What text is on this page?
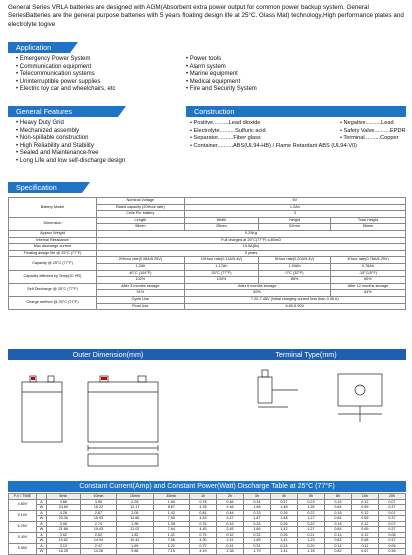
General Series VRLA batteries are designed with AGM(Absorbent extra power output for common power backup system. General SeriesBatteries are the general purpose batteries with 5 years floating design life at 25°C. Glass Mat) technology,High performance plates and electrolyte togive
Application
• Emergency Power System
• Communication equipment
• Telecommunication systems
• Uninterruptible power supplies
• Electric toy car and wheelchairs, etc
• Power tools
• Alarm system
• Marine equipment
• Medical equipment
• Fire and Security System
General Features
• Heavy Duty Grid
• Mechanized assembly
• Non-spillable construction
• High Reliability and Stability
• Sealed and Maintenance-free
• Long Life and low self-discharge design
Construction
• Positive..........Lead dioxide	• Negative..........Lead
• Electrolyte..........Sulfuric acid	• Safety Valve..........EPDR
• Separator..........Fiber glass	• Terminal..........Copper
• Container..........ABS(UL94-HB) / Flame Retardant ABS (UL94-V0)
Specification
Battery Model	Nominal Voltage	6V		
	Rated capacity (20Hour rate)	1.2Ah		
	Cells Per battery	3		
Dimension	Length	Width	Height	Total Height
	98mm	25mm	52mm	56mm
Approx Weight	0.29Kg			
Internal Resistance	Full charged at 25°C(77°F) ≤:80mΩ			
Max.discharge current	15.5A(5s)			
Floating design life @ 25°C (77°F)	5 years			
Capacity @ 25°C (77°F)	20Hour rate(0.06A/5.25V)	10Hour rate(0.11A/5.4V)	5Hour rate(0.20A/5.4V)	1Hour rate(0.78A/5.25V)
	1.2Ah	1.17Ah	1.04Ah	0.78Ah
Capacity affected by Temp(20 HR)	40°C (104°F)	25°C (77°F)	0°C (32°F)	-15°C(5°F)
	102%	100%	85%	65%
Self Discharge @ 25°C (77°F)	After 3 months storage	After 6 months storage		After 12 months storage
	91%	82%		64%
Charge method @ 25°C (77°F)	Cycle Use	7.20-7.45V (Initial charging current less than 0.36 A)		
	Float Use	6.80-6.90V		
Outer Dimension(mm)	Terminal Type(mm)
Constant Current(Amp) and Constant Power(Watt) Discharge Table at 25°C (77°F)
F.V / TIME		5min	10min	15min	30min	1h	2h	3h	4h	5h	8h	10h	20h
4.80V	A	4.68	3.06	2.28	1.60	0.78	0.46	0.34	0.27	0.23	0.16	0.12	0.07
	W	24.60	16.22	12.17	8.67	4.25	2.46	1.86	1.48	1.26	0.84	0.69	0.37
5.10V	A	4.28	2.87	2.05	1.42	0.81	0.44	0.33	0.26	0.22	0.16	0.12	0.07
	W	23.36	15.93	11.66	7.96	4.53	2.47	1.87	1.48	1.27	0.84	0.69	0.37
5.25V	A	3.98	2.74	1.96	1.38	0.76	0.43	0.33	0.26	0.22	0.16	0.12	0.07
	W	21.86	15.43	11.02	7.64	4.45	2.45	1.86	1.42	1.27	0.84	0.69	0.37
5.40V	A	3.62	2.62	1.82	1.31	0.75	0.42	0.32	0.26	0.21	0.14	0.12	0.06
	W	19.62	14.94	10.42	7.56	4.30	2.41	1.85	1.41	1.23	0.83	0.68	0.37
5.55V	A	3.13	2.47	1.69	1.22	0.72	0.41	0.31	0.24	0.20	0.14	0.11	0.06
	W	16.25	14.28	9.86	7.15	4.19	2.38	1.79	1.41	1.18	0.82	0.67	0.36
